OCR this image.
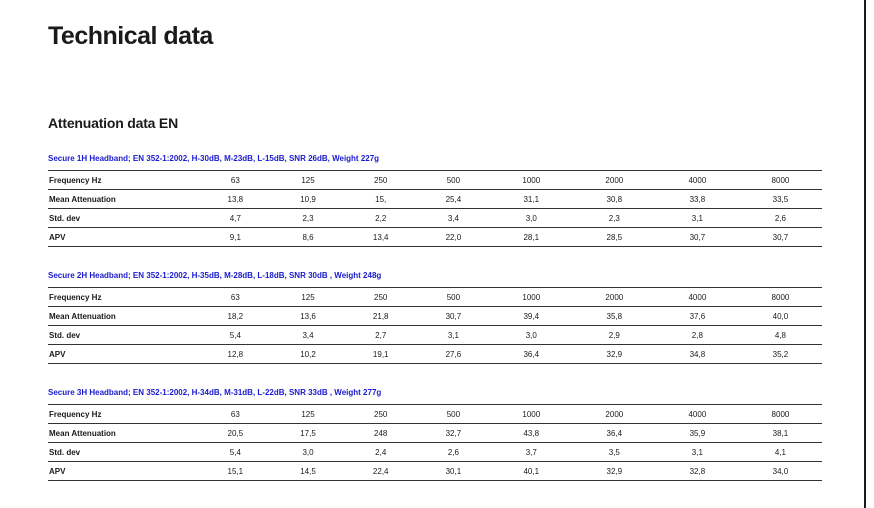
Technical data
Attenuation data EN
Secure 1H Headband; EN 352-1:2002, H-30dB, M-23dB, L-15dB, SNR 26dB, Weight 227g
Frequency Hz	63	125	250	500	1000	2000	4000	8000
Mean Attenuation	13,8	10,9	15,	25,4	31,1	30,8	33,8	33,5
Std. dev	4,7	2,3	2,2	3,4	3,0	2,3	3,1	2,6
APV	9,1	8,6	13,4	22,0	28,1	28,5	30,7	30,7
Secure 2H Headband; EN 352-1:2002, H-35dB, M-28dB, L-18dB, SNR 30dB , Weight 248g
Frequency Hz	63	125	250	500	1000	2000	4000	8000
Mean Attenuation	18,2	13,6	21,8	30,7	39,4	35,8	37,6	40,0
Std. dev	5,4	3,4	2,7	3,1	3,0	2,9	2,8	4,8
APV	12,8	10,2	19,1	27,6	36,4	32,9	34,8	35,2
Secure 3H Headband; EN 352-1:2002, H-34dB, M-31dB, L-22dB, SNR 33dB , Weight 277g
Frequency Hz	63	125	250	500	1000	2000	4000	8000
Mean Attenuation	20,5	17,5	248	32,7	43,8	36,4	35,9	38,1
Std. dev	5,4	3,0	2,4	2,6	3,7	3,5	3,1	4,1
APV	15,1	14,5	22,4	30,1	40,1	32,9	32,8	34,0
